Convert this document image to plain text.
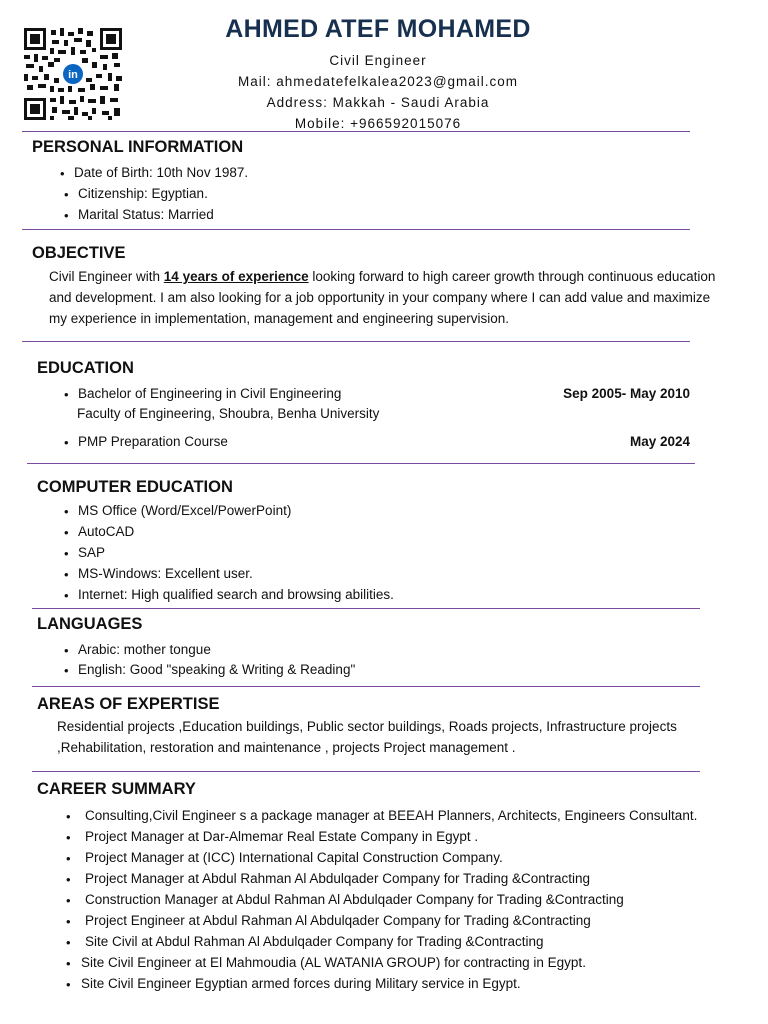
in
AHMED ATEF MOHAMED
Civil Engineer
Mail: ahmedatefelkalea2023@gmail.com
Address: Makkah - Saudi Arabia
Mobile: +966592015076
PERSONAL INFORMATION
• Date of Birth: 10th Nov 1987.
• Citizenship: Egyptian.
• Marital Status: Married
OBJECTIVE
Civil Engineer with 14 years of experience looking forward to high career growth through continuous education and development. I am also looking for a job opportunity in your company where I can add value and maximize my experience in implementation, management and engineering supervision.
EDUCATION
• Bachelor of Engineering in Civil Engineering	Sep 2005- May 2010
Faculty of Engineering, Shoubra, Benha University
• PMP Preparation Course	May 2024
COMPUTER EDUCATION
• MS Office (Word/Excel/PowerPoint)
• AutoCAD
• SAP
• MS-Windows: Excellent user.
• Internet: High qualified search and browsing abilities.
LANGUAGES
• Arabic: mother tongue
• English: Good "speaking & Writing & Reading"
AREAS OF EXPERTISE
Residential projects ,Education buildings, Public sector buildings, Roads projects, Infrastructure projects ,Rehabilitation, restoration and maintenance , projects Project management .
CAREER SUMMARY
• Consulting,Civil Engineer s a package manager at BEEAH Planners, Architects, Engineers Consultant.
• Project Manager at Dar-Almemar Real Estate Company in Egypt .
• Project Manager at (ICC) International Capital Construction Company.
• Project Manager at Abdul Rahman Al Abdulqader Company for Trading &Contracting
• Construction Manager at Abdul Rahman Al Abdulqader Company for Trading &Contracting
• Project Engineer at Abdul Rahman Al Abdulqader Company for Trading &Contracting
• Site Civil at Abdul Rahman Al Abdulqader Company for Trading &Contracting
• Site Civil Engineer at El Mahmoudia (AL WATANIA GROUP) for contracting in Egypt.
• Site Civil Engineer Egyptian armed forces during Military service in Egypt.
